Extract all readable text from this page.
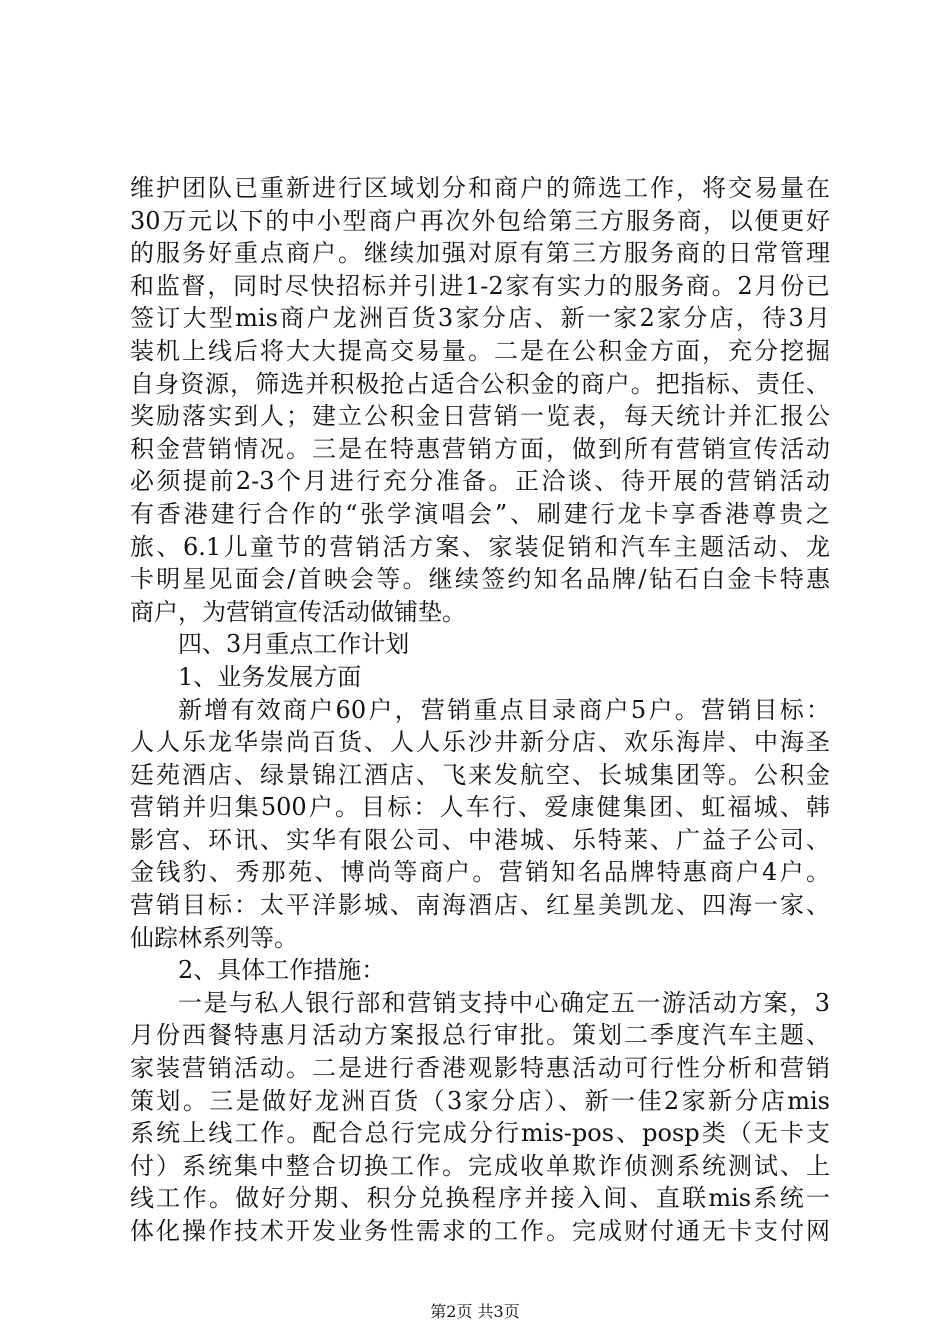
维护团队已重新进行区域划分和商户的筛选工作，将交易量在
30万元以下的中小型商户再次外包给第三方服务商，以便更好
的服务好重点商户。继续加强对原有第三方服务商的日常管理
和监督，同时尽快招标并引进1-2家有实力的服务商。2月份已
签订大型mis商户龙洲百货3家分店、新一家2家分店，待3月
装机上线后将大大提高交易量。二是在公积金方面，充分挖掘
自身资源，筛选并积极抢占适合公积金的商户。把指标、责任、
奖励落实到人；建立公积金日营销一览表，每天统计并汇报公
积金营销情况。三是在特惠营销方面，做到所有营销宣传活动
必须提前2-3个月进行充分准备。正洽谈、待开展的营销活动
有香港建行合作的“张学演唱会”、刷建行龙卡享香港尊贵之
旅、6.1儿童节的营销活方案、家装促销和汽车主题活动、龙
卡明星见面会/首映会等。继续签约知名品牌/钻石白金卡特惠
商户，为营销宣传活动做铺垫。
四、3月重点工作计划
1、业务发展方面
新增有效商户60户，营销重点目录商户5户。营销目标：
人人乐龙华崇尚百货、人人乐沙井新分店、欢乐海岸、中海圣
廷苑酒店、绿景锦江酒店、飞来发航空、长城集团等。公积金
营销并归集500户。目标：人车行、爱康健集团、虹福城、韩
影宫、环讯、实华有限公司、中港城、乐特莱、广益子公司、
金钱豹、秀那苑、博尚等商户。营销知名品牌特惠商户4户。
营销目标：太平洋影城、南海酒店、红星美凯龙、四海一家、
仙踪林系列等。
2、具体工作措施：
一是与私人银行部和营销支持中心确定五一游活动方案，3
月份西餐特惠月活动方案报总行审批。策划二季度汽车主题、
家装营销活动。二是进行香港观影特惠活动可行性分析和营销
策划。三是做好龙洲百货（3家分店）、新一佳2家新分店mis
系统上线工作。配合总行完成分行mis-pos、posp类（无卡支
付）系统集中整合切换工作。完成收单欺诈侦测系统测试、上
线工作。做好分期、积分兑换程序并接入间、直联mis系统一
体化操作技术开发业务性需求的工作。完成财付通无卡支付网
第2页 共3页
